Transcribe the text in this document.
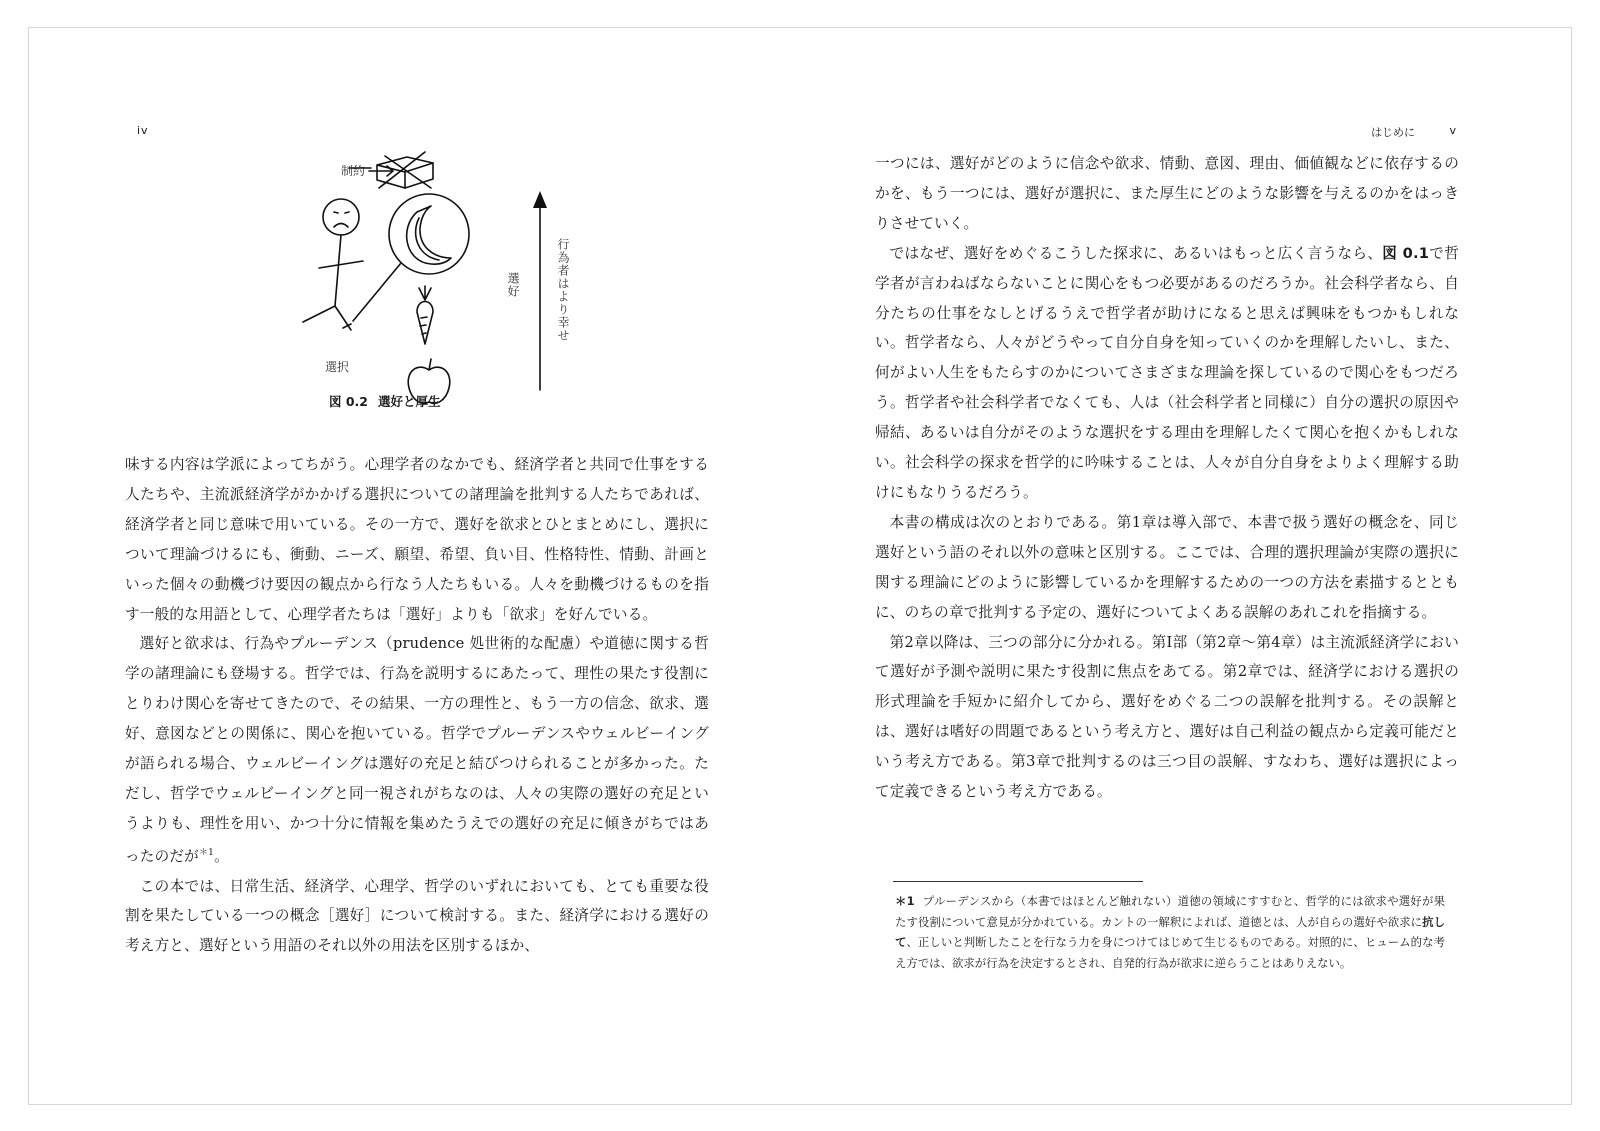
iv
制約
選択
選好	行為者はより幸せ
図 0.2 選好と厚生

味する内容は学派によってちがう。心理学者のなかでも、経済学者と共同で仕事をする人たちや、主流派経済学がかかげる選択についての諸理論を批判する人たちであれば、経済学者と同じ意味で用いている。その一方で、選好を欲求とひとまとめにし、選択について理論づけるにも、衝動、ニーズ、願望、希望、負い目、性格特性、情動、計画といった個々の動機づけ要因の観点から行なう人たちもいる。人々を動機づけるものを指す一般的な用語として、心理学者たちは「選好」よりも「欲求」を好んでいる。

選好と欲求は、行為やプルーデンス（prudence 処世術的な配慮）や道徳に関する哲学の諸理論にも登場する。哲学では、行為を説明するにあたって、理性の果たす役割にとりわけ関心を寄せてきたので、その結果、一方の理性と、もう一方の信念、欲求、選好、意図などとの関係に、関心を抱いている。哲学でプルーデンスやウェルビーイングが語られる場合、ウェルビーイングは選好の充足と結びつけられることが多かった。ただし、哲学でウェルビーイングと同一視されがちなのは、人々の実際の選好の充足というよりも、理性を用い、かつ十分に情報を集めたうえでの選好の充足に傾きがちではあったのだが$^{*1}$。

この本では、日常生活、経済学、心理学、哲学のいずれにおいても、とても重要な役割を果たしている一つの概念［選好］について検討する。また、経済学における選好の考え方と、選好という用語のそれ以外の用法を区別するほか、

はじめに	v

一つには、選好がどのように信念や欲求、情動、意図、理由、価値観などに依存するのかを、もう一つには、選好が選択に、また厚生にどのような影響を与えるのかをはっきりさせていく。

ではなぜ、選好をめぐるこうした探求に、あるいはもっと広く言うなら、図 0.1で哲学者が言わねばならないことに関心をもつ必要があるのだろうか。社会科学者なら、自分たちの仕事をなしとげるうえで哲学者が助けになると思えば興味をもつかもしれない。哲学者なら、人々がどうやって自分自身を知っていくのかを理解したいし、また、何がよい人生をもたらすのかについてさまざまな理論を探しているので関心をもつだろう。哲学者や社会科学者でなくても、人は（社会科学者と同様に）自分の選択の原因や帰結、あるいは自分がそのような選択をする理由を理解したくて関心を抱くかもしれない。社会科学の探求を哲学的に吟味することは、人々が自分自身をよりよく理解する助けにもなりうるだろう。

本書の構成は次のとおりである。第1章は導入部で、本書で扱う選好の概念を、同じ選好という語のそれ以外の意味と区別する。ここでは、合理的選択理論が実際の選択に関する理論にどのように影響しているかを理解するための一つの方法を素描するとともに、のちの章で批判する予定の、選好についてよくある誤解のあれこれを指摘する。

第2章以降は、三つの部分に分かれる。第Ⅰ部（第2章〜第4章）は主流派経済学において選好が予測や説明に果たす役割に焦点をあてる。第2章では、経済学における選択の形式理論を手短かに紹介してから、選好をめぐる二つの誤解を批判する。その誤解とは、選好は嗜好の問題であるという考え方と、選好は自己利益の観点から定義可能だという考え方である。第3章で批判するのは三つ目の誤解、すなわち、選好は選択によって定義できるという考え方である。

＊1 プルーデンスから（本書ではほとんど触れない）道徳の領域にすすむと、哲学的には欲求や選好が果たす役割について意見が分かれている。カントの一解釈によれば、道徳とは、人が自らの選好や欲求に抗して、正しいと判断したことを行なう力を身につけてはじめて生じるものである。対照的に、ヒューム的な考え方では、欲求が行為を決定するとされ、自発的行為が欲求に逆らうことはありえない。
